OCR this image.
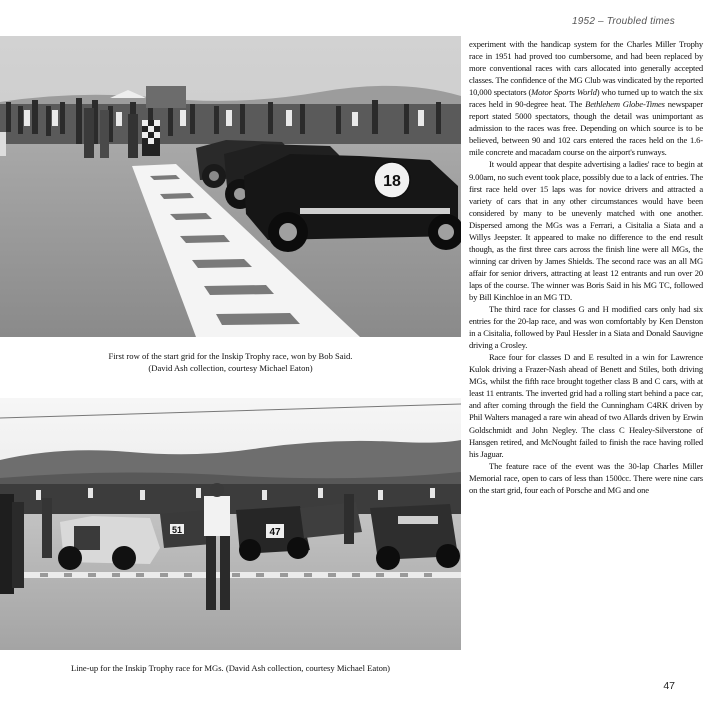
1952 – Troubled times
18
First row of the start grid for the Inskip Trophy race, won by Bob Said.
(David Ash collection, courtesy Michael Eaton)
51	47
Line-up for the Inskip Trophy race for MGs. (David Ash collection, courtesy Michael Eaton)

experiment with the handicap system for the Charles Miller Trophy race in 1951 had proved too cumbersome, and had been replaced by more conventional races with cars allocated into generally accepted classes. The confidence of the MG Club was vindicated by the reported 10,000 spectators (Motor Sports World) who turned up to watch the six races held in 90-degree heat. The Bethlehem Globe-Times newspaper report stated 5000 spectators, though the detail was unimportant as admission to the races was free. Depending on which source is to be believed, between 90 and 102 cars entered the races held on the 1.6-mile concrete and macadam course on the airport's runways.

It would appear that despite advertising a ladies' race to begin at 9.00am, no such event took place, possibly due to a lack of entries. The first race held over 15 laps was for novice drivers and attracted a variety of cars that in any other circumstances would have been considered by many to be unevenly matched with one another. Dispersed among the MGs was a Ferrari, a Cisitalia a Siata and a Willys Jeepster. It appeared to make no difference to the end result though, as the first three cars across the finish line were all MGs, the winning car driven by James Shields. The second race was an all MG affair for senior drivers, attracting at least 12 entrants and run over 20 laps of the course. The winner was Boris Said in his MG TC, followed by Bill Kinchloe in an MG TD.

The third race for classes G and H modified cars only had six entries for the 20-lap race, and was won comfortably by Ken Denston in a Cisitalia, followed by Paul Hessler in a Siata and Donald Sauvigne driving a Crosley.

Race four for classes D and E resulted in a win for Lawrence Kulok driving a Frazer-Nash ahead of Benett and Stiles, both driving MGs, whilst the fifth race brought together class B and C cars, with at least 11 entrants. The inverted grid had a rolling start behind a pace car, and after coming through the field the Cunningham C4RK driven by Phil Walters managed a rare win ahead of two Allards driven by Erwin Goldschmidt and John Negley. The class C Healey-Silverstone of Hansgen retired, and McNought failed to finish the race having rolled his Jaguar.

The feature race of the event was the 30-lap Charles Miller Memorial race, open to cars of less than 1500cc. There were nine cars on the start grid, four each of Porsche and MG and one

47
